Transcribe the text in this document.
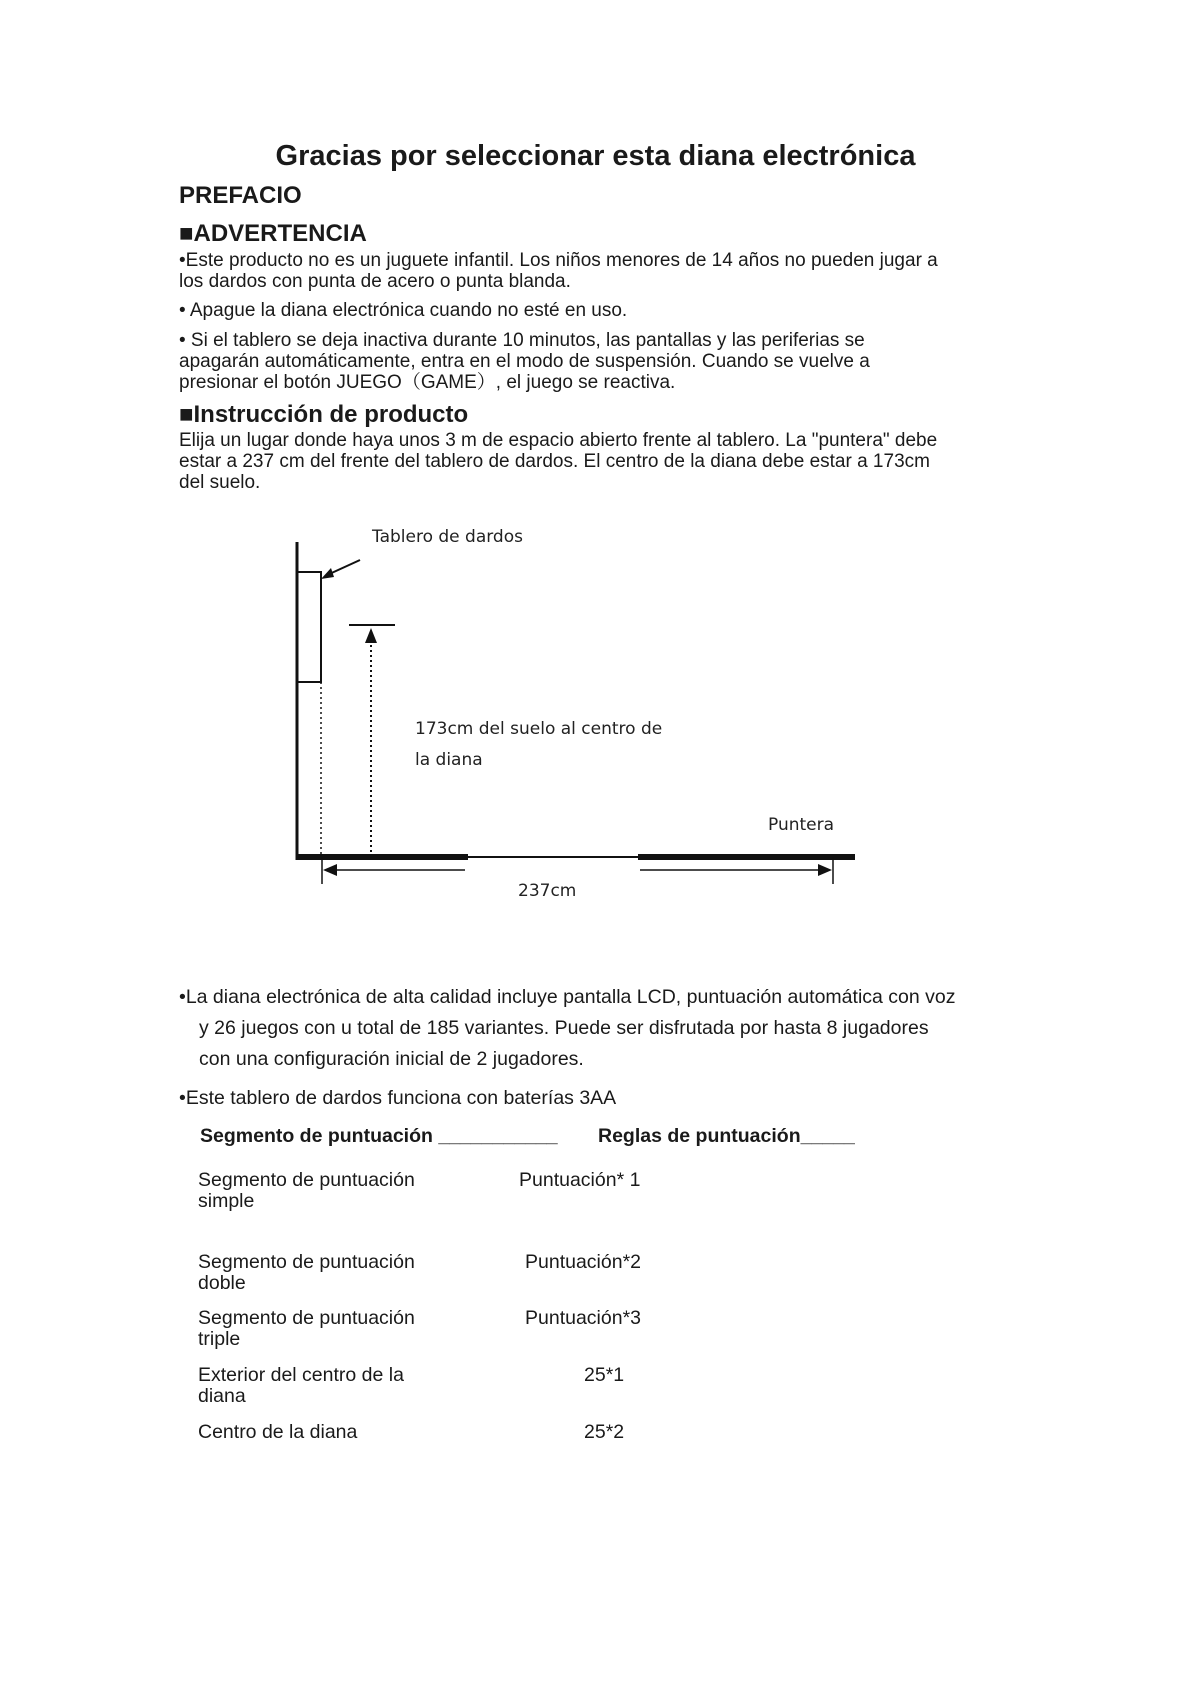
Gracias por seleccionar esta diana electrónica
PREFACIO
■ADVERTENCIA
•Este producto no es un juguete infantil. Los niños menores de 14 años no pueden jugar a
los dardos con punta de acero o punta blanda.
• Apague la diana electrónica cuando no esté en uso.
• Si el tablero se deja inactiva durante 10 minutos, las pantallas y las periferias se
apagarán automáticamente, entra en el modo de suspensión. Cuando se vuelve a
presionar el botón JUEGO（GAME）, el juego se reactiva.
■Instrucción de producto
Elija un lugar donde haya unos 3 m de espacio abierto frente al tablero. La "puntera" debe
estar a 237 cm del frente del tablero de dardos. El centro de la diana debe estar a 173cm
del suelo.
Tablero de dardos
173cm del suelo al centro de
la diana
Puntera
237cm
•La diana electrónica de alta calidad incluye pantalla LCD, puntuación automática con voz
y 26 juegos con u total de 185 variantes. Puede ser disfrutada por hasta 8 jugadores
con una configuración inicial de 2 jugadores.
•Este tablero de dardos funciona con baterías 3AA
Segmento de puntuación ___________ Reglas de puntuación_____
Segmento de puntuación
simple
Puntuación* 1
Segmento de puntuación
doble
Puntuación*2
Segmento de puntuación
triple
Puntuación*3
Exterior del centro de la
diana
25*1
Centro de la diana	25*2
